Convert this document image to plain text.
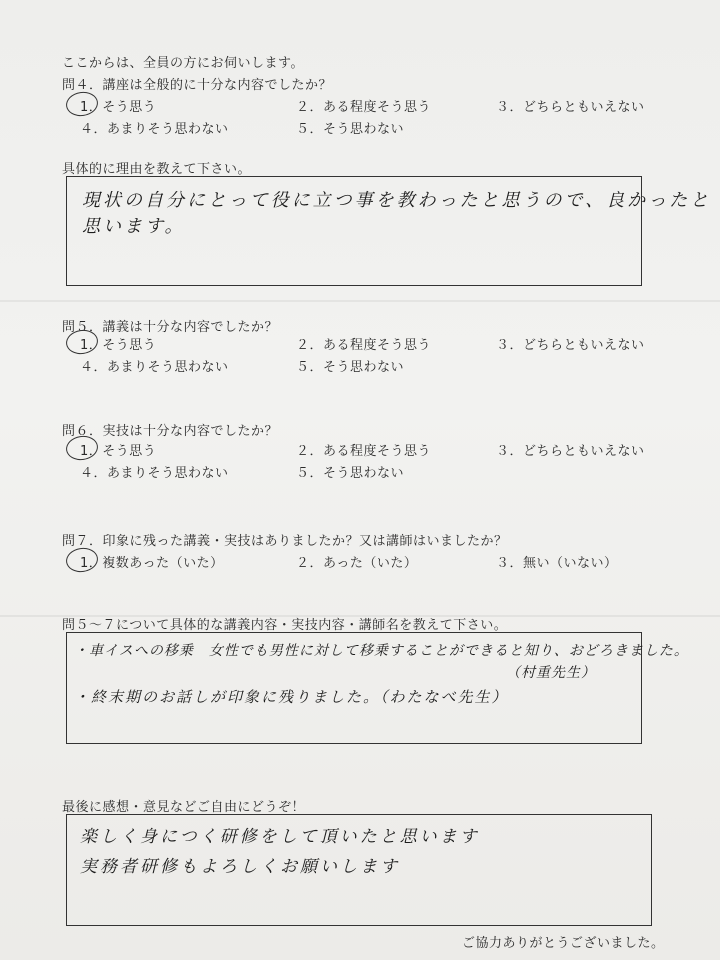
ここからは、全員の方にお伺いします。
問４．講座は全般的に十分な内容でしたか？
1．そう思う	２．ある程度そう思う	３．どちらともいえない
４．あまりそう思わない	５．そう思わない
具体的に理由を教えて下さい。
現状の自分にとって役に立つ事を教わったと思うので、良かったと
思います。
問５．講義は十分な内容でしたか？
1．そう思う	２．ある程度そう思う	３．どちらともいえない
４．あまりそう思わない	５．そう思わない
問６．実技は十分な内容でしたか？
1．そう思う	２．ある程度そう思う	３．どちらともいえない
４．あまりそう思わない	５．そう思わない
問７．印象に残った講義・実技はありましたか？又は講師はいましたか？
1．複数あった（いた）	２．あった（いた）	３．無い（いない）
問５～７について具体的な講義内容・実技内容・講師名を教えて下さい。
・車イスへの移乗　女性でも男性に対して移乗することができると知り、おどろきました。
（村重先生）
・終末期のお話しが印象に残りました。（わたなべ先生）
最後に感想・意見などご自由にどうぞ！
楽しく身につく研修をして頂いたと思います
実務者研修もよろしくお願いします
ご協力ありがとうございました。
